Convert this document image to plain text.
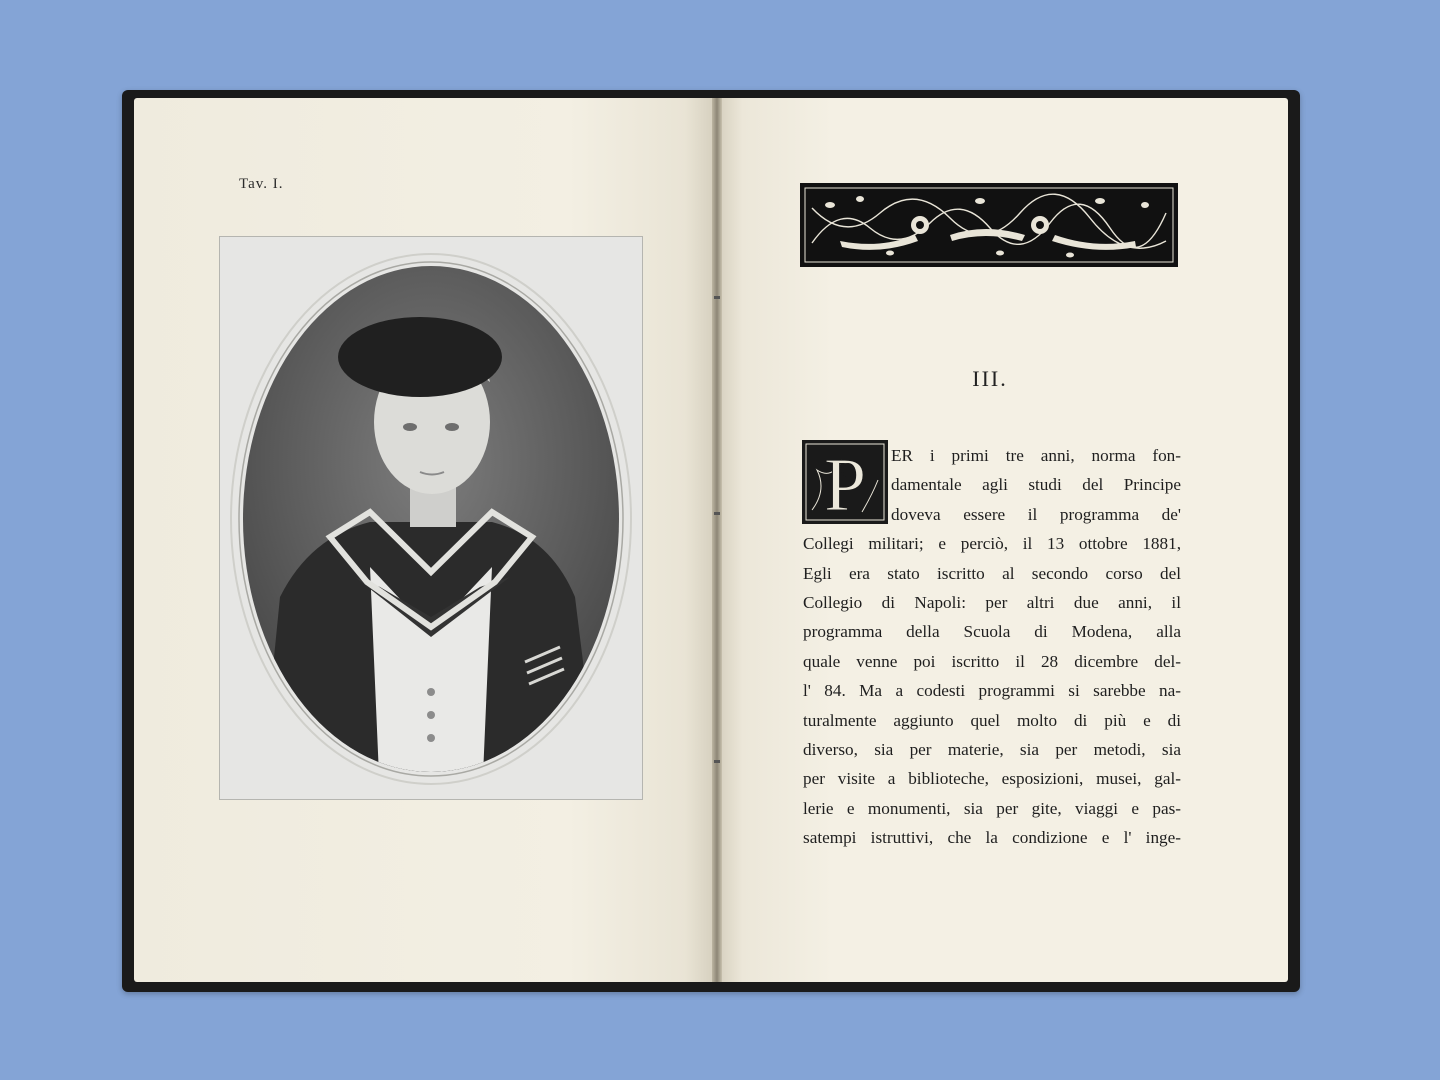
Tav. I.
III.
P	ER i primi tre anni, norma fon-
damentale agli studi del Principe
doveva essere il programma de'
Collegi militari; e perciò, il 13 ottobre 1881,
Egli era stato iscritto al secondo corso del
Collegio di Napoli: per altri due anni, il
programma della Scuola di Modena, alla
quale venne poi iscritto il 28 dicembre del-
l' 84. Ma a codesti programmi si sarebbe na-
turalmente aggiunto quel molto di più e di
diverso, sia per materie, sia per metodi, sia
per visite a biblioteche, esposizioni, musei, gal-
lerie e monumenti, sia per gite, viaggi e pas-
satempi istruttivi, che la condizione e l' inge-
